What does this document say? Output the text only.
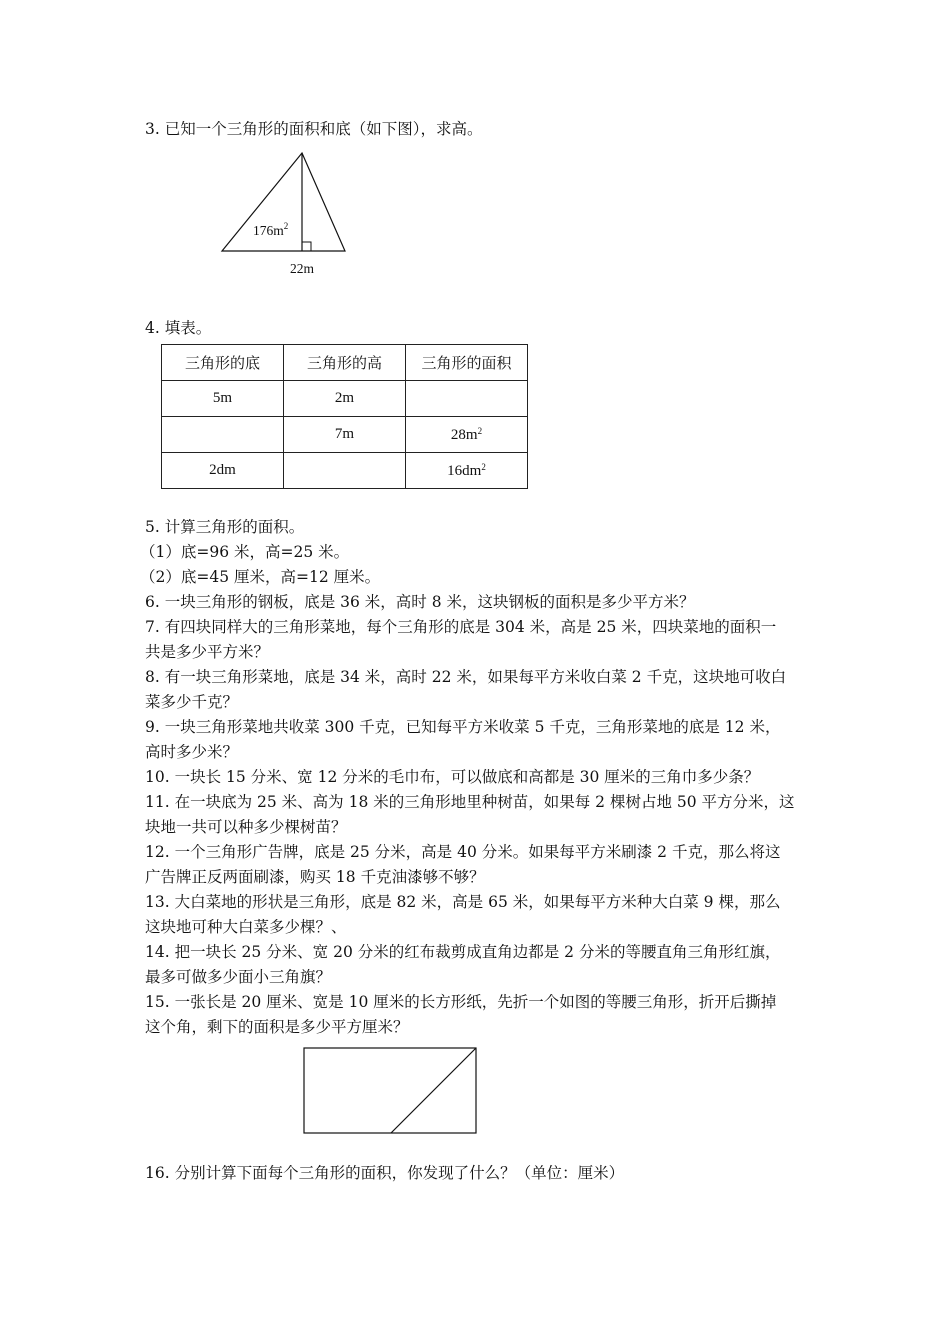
3. 已知一个三角形的面积和底（如下图），求高。
$176m^2$
22m
4. 填表。
三角形的底	三角形的高	三角形的面积
5m	2m	
	7m	$28m^2$
2dm		$16dm^2$
5. 计算三角形的面积。
（1）底=96 米，高=25 米。
（2）底=45 厘米，高=12 厘米。
6. 一块三角形的钢板，底是 36 米，高时 8 米，这块钢板的面积是多少平方米？
7. 有四块同样大的三角形菜地，每个三角形的底是 304 米，高是 25 米，四块菜地的面积一
共是多少平方米？
8. 有一块三角形菜地，底是 34 米，高时 22 米，如果每平方米收白菜 2 千克，这块地可收白
菜多少千克？
9. 一块三角形菜地共收菜 300 千克，已知每平方米收菜 5 千克，三角形菜地的底是 12 米，
高时多少米？
10. 一块长 15 分米、宽 12 分米的毛巾布，可以做底和高都是 30 厘米的三角巾多少条？
11. 在一块底为 25 米、高为 18 米的三角形地里种树苗，如果每 2 棵树占地 50 平方分米，这
块地一共可以种多少棵树苗？
12. 一个三角形广告牌，底是 25 分米，高是 40 分米。如果每平方米刷漆 2 千克，那么将这
广告牌正反两面刷漆，购买 18 千克油漆够不够？
13. 大白菜地的形状是三角形，底是 82 米，高是 65 米，如果每平方米种大白菜 9 棵，那么
这块地可种大白菜多少棵？、
14. 把一块长 25 分米、宽 20 分米的红布裁剪成直角边都是 2 分米的等腰直角三角形红旗，
最多可做多少面小三角旗？
15. 一张长是 20 厘米、宽是 10 厘米的长方形纸，先折一个如图的等腰三角形，折开后撕掉
这个角，剩下的面积是多少平方厘米？
16. 分别计算下面每个三角形的面积，你发现了什么？（单位：厘米）
